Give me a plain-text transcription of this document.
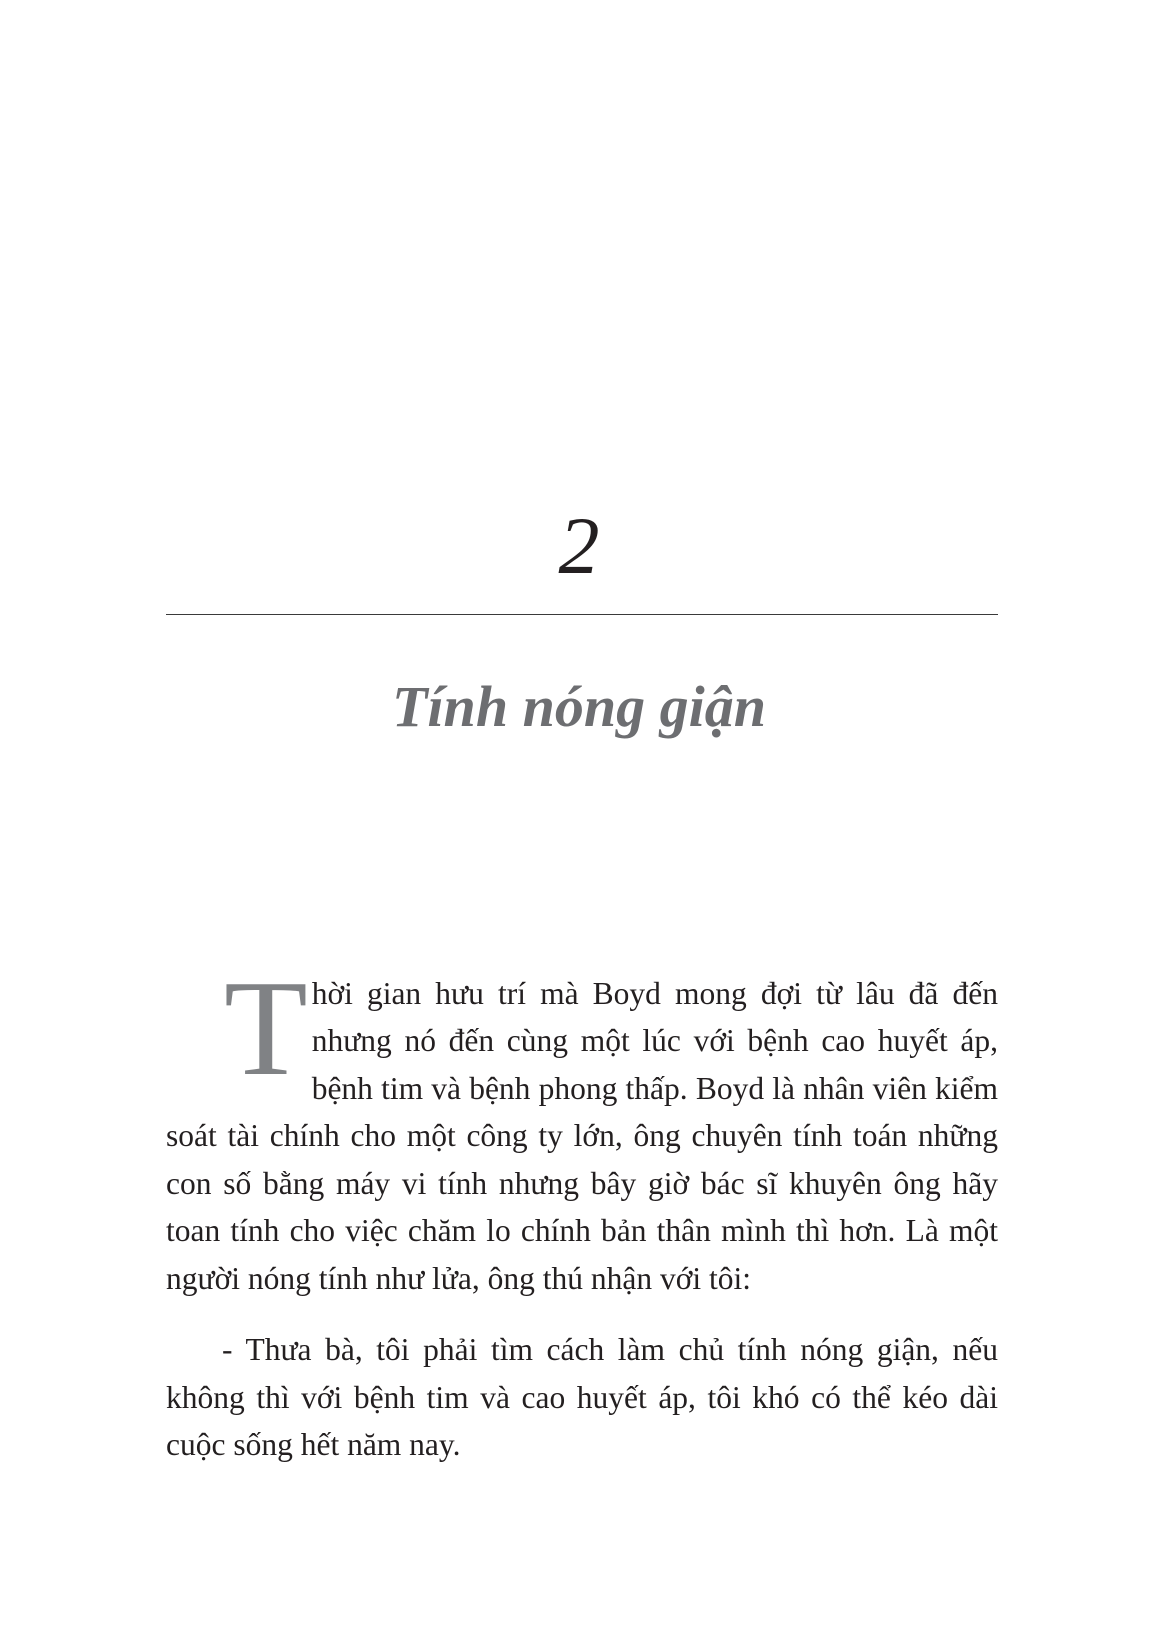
2
Tính nóng giận

Thời gian hưu trí mà Boyd mong đợi từ lâu đã đến nhưng nó đến cùng một lúc với bệnh cao huyết áp, bệnh tim và bệnh phong thấp. Boyd là nhân viên kiểm soát tài chính cho một công ty lớn, ông chuyên tính toán những con số bằng máy vi tính nhưng bây giờ bác sĩ khuyên ông hãy toan tính cho việc chăm lo chính bản thân mình thì hơn. Là một người nóng tính như lửa, ông thú nhận với tôi:

- Thưa bà, tôi phải tìm cách làm chủ tính nóng giận, nếu không thì với bệnh tim và cao huyết áp, tôi khó có thể kéo dài cuộc sống hết năm nay.
